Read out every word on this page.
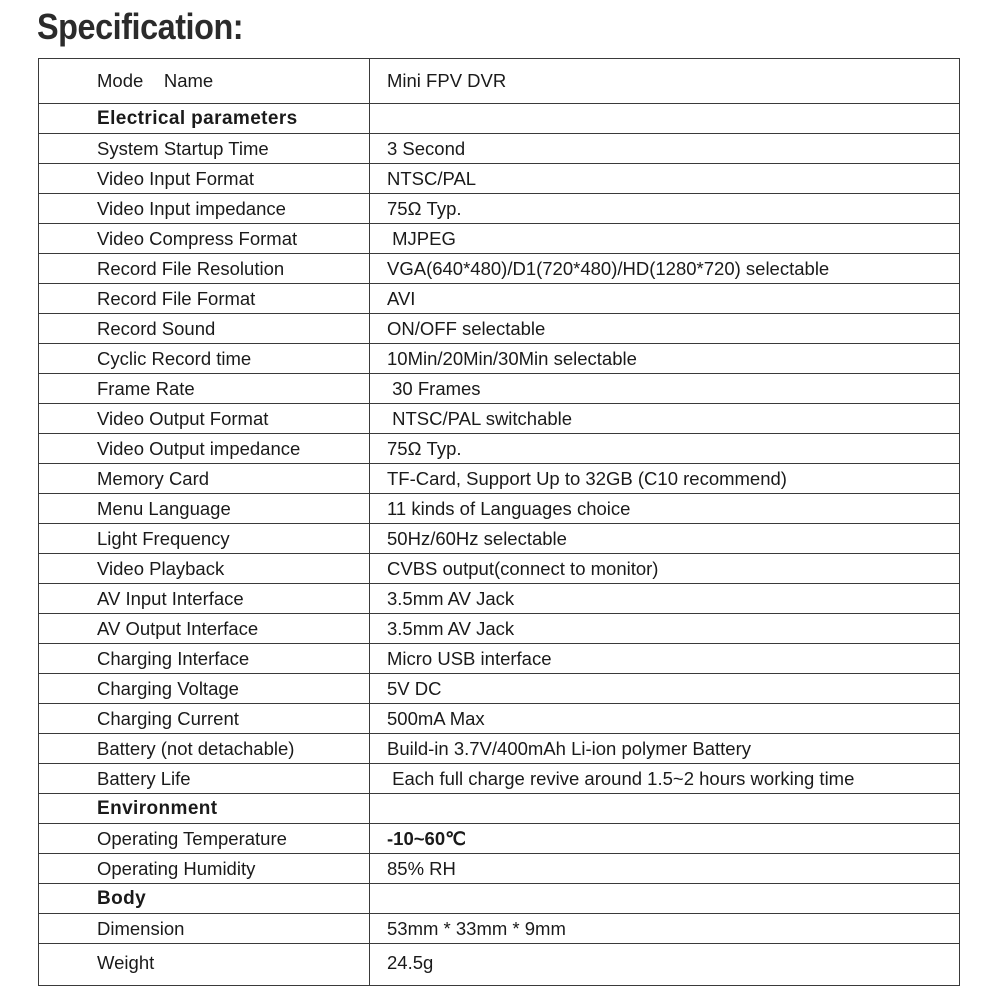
Specification:
Mode    Name	Mini FPV DVR
Electrical parameters
System Startup Time	3 Second
Video Input Format	NTSC/PAL
Video Input impedance	75Ω Typ.
Video Compress Format	MJPEG
Record File Resolution	VGA(640*480)/D1(720*480)/HD(1280*720) selectable
Record File Format	AVI
Record Sound	ON/OFF selectable
Cyclic Record time	10Min/20Min/30Min selectable
Frame Rate	30 Frames
Video Output Format	NTSC/PAL switchable
Video Output impedance	75Ω Typ.
Memory Card	TF-Card, Support Up to 32GB (C10 recommend)
Menu Language	11 kinds of Languages choice
Light Frequency	50Hz/60Hz selectable
Video Playback	CVBS output(connect to monitor)
AV Input Interface	3.5mm AV Jack
AV Output Interface	3.5mm AV Jack
Charging Interface	Micro USB interface
Charging Voltage	5V DC
Charging Current	500mA Max
Battery (not detachable)	Build-in 3.7V/400mAh Li-ion polymer Battery
Battery Life	Each full charge revive around 1.5~2 hours working time
Environment
Operating Temperature	-10~60℃
Operating Humidity	85% RH
Body
Dimension	53mm * 33mm * 9mm
Weight	24.5g
